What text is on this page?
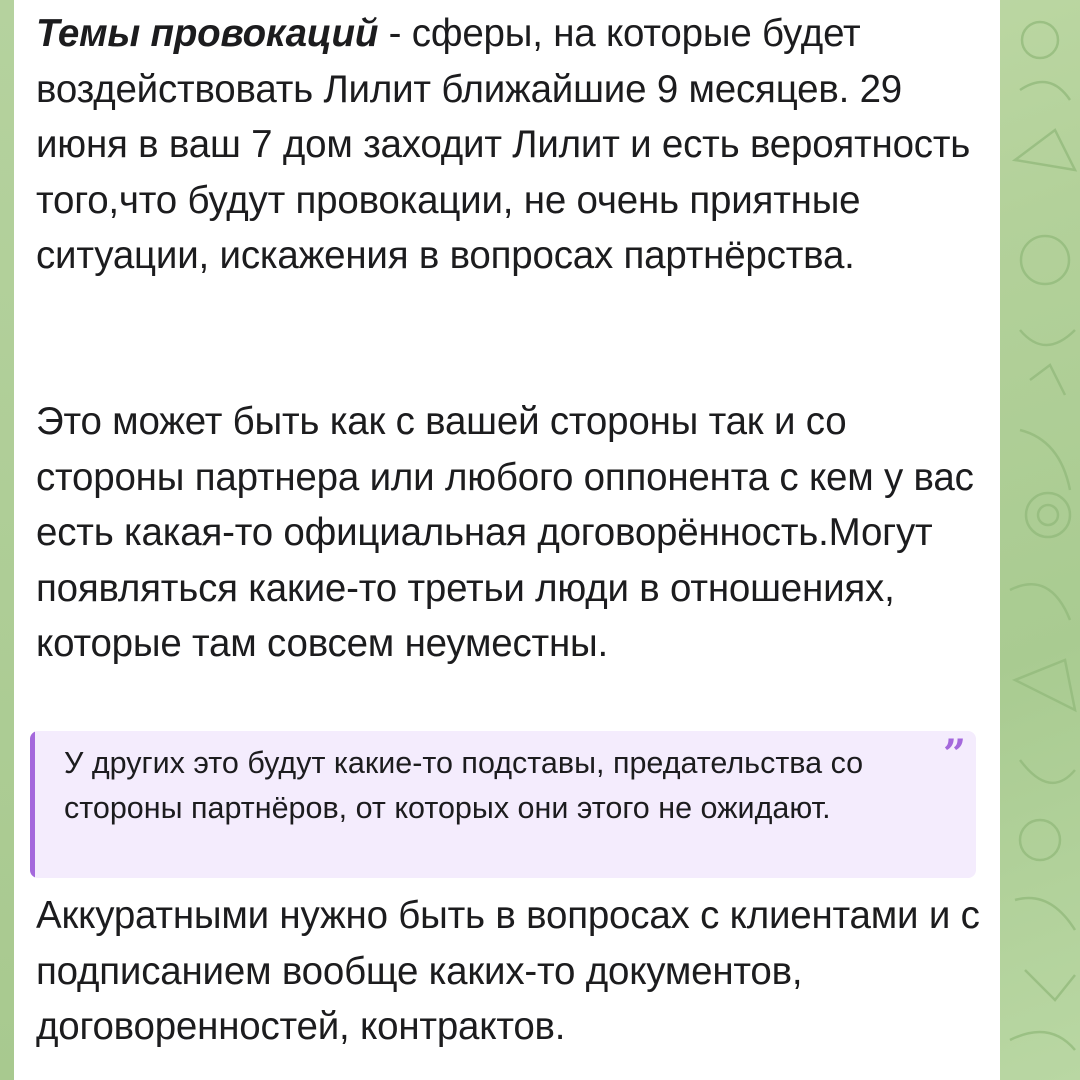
Темы провокаций - сферы, на которые будет воздействовать Лилит ближайшие 9 месяцев. 29 июня в ваш 7 дом заходит Лилит и есть вероятность того,что будут провокации, не очень приятные ситуации, искажения в вопросах партнёрства.

Это может быть как с вашей стороны так и со стороны партнера или любого оппонента с кем у вас есть какая-то официальная договорённость.Могут появляться какие-то третьи люди в отношениях, которые там совсем неуместны.

У других это будут какие-то подставы, предательства со стороны партнёров, от которых они этого не ожидают.

”

Аккуратными нужно быть в вопросах с клиентами и с подписанием вообще каких-то документов, договоренностей, контрактов.
